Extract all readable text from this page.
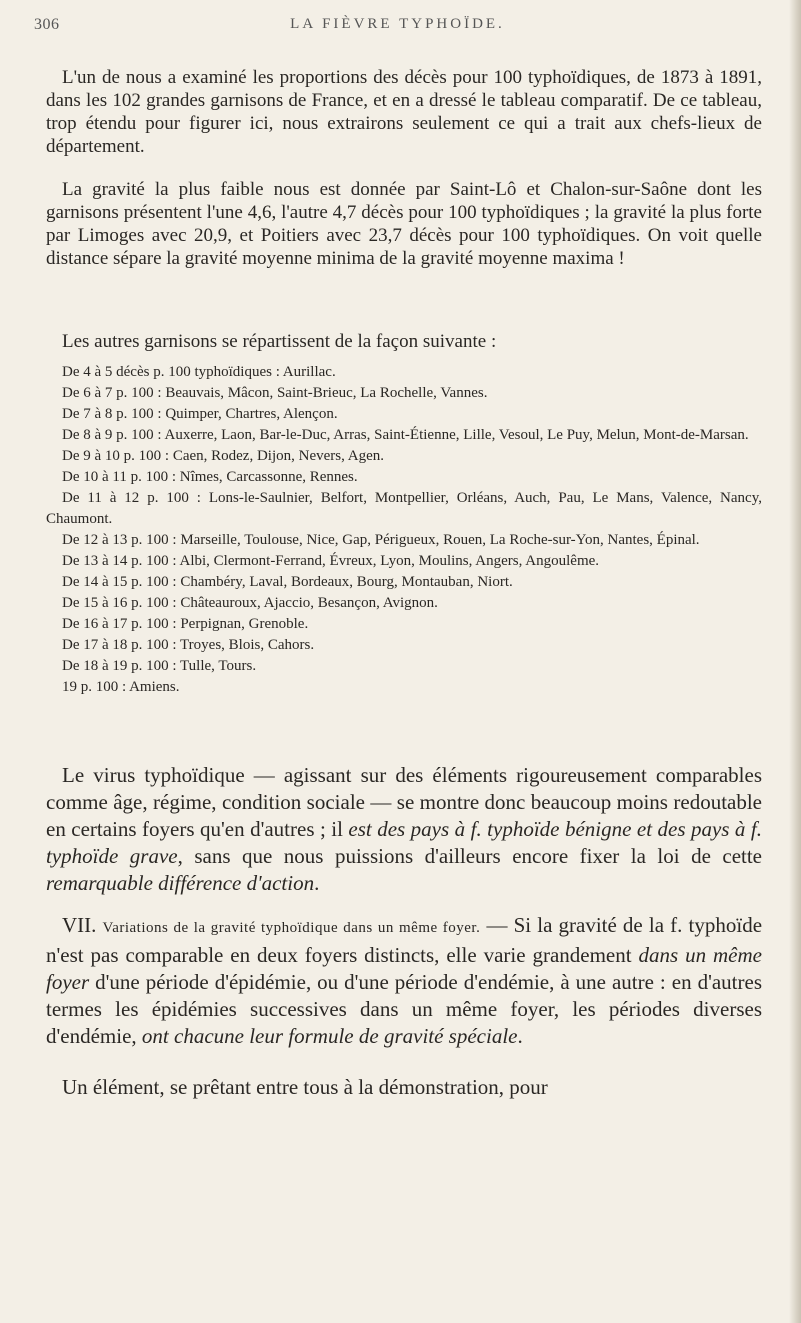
306	LA FIÈVRE TYPHOÏDE.

L'un de nous a examiné les proportions des décès pour 100 typhoïdiques, de 1873 à 1891, dans les 102 grandes garnisons de France, et en a dressé le tableau comparatif. De ce tableau, trop étendu pour figurer ici, nous extrairons seulement ce qui a trait aux chefs-lieux de département.

La gravité la plus faible nous est donnée par Saint-Lô et Chalon-sur-Saône dont les garnisons présentent l'une 4,6, l'autre 4,7 décès pour 100 typhoïdiques ; la gravité la plus forte par Limoges avec 20,9, et Poitiers avec 23,7 décès pour 100 typhoïdiques. On voit quelle distance sépare la gravité moyenne minima de la gravité moyenne maxima !

Les autres garnisons se répartissent de la façon suivante :

De 4 à 5 décès p. 100 typhoïdiques : Aurillac.
De 6 à 7 p. 100 : Beauvais, Mâcon, Saint-Brieuc, La Rochelle, Vannes.
De 7 à 8 p. 100 : Quimper, Chartres, Alençon.
De 8 à 9 p. 100 : Auxerre, Laon, Bar-le-Duc, Arras, Saint-Étienne, Lille, Vesoul, Le Puy, Melun, Mont-de-Marsan.
De 9 à 10 p. 100 : Caen, Rodez, Dijon, Nevers, Agen.
De 10 à 11 p. 100 : Nîmes, Carcassonne, Rennes.
De 11 à 12 p. 100 : Lons-le-Saulnier, Belfort, Montpellier, Orléans, Auch, Pau, Le Mans, Valence, Nancy, Chaumont.
De 12 à 13 p. 100 : Marseille, Toulouse, Nice, Gap, Périgueux, Rouen, La Roche-sur-Yon, Nantes, Épinal.
De 13 à 14 p. 100 : Albi, Clermont-Ferrand, Évreux, Lyon, Moulins, Angers, Angoulême.
De 14 à 15 p. 100 : Chambéry, Laval, Bordeaux, Bourg, Montauban, Niort.
De 15 à 16 p. 100 : Châteauroux, Ajaccio, Besançon, Avignon.
De 16 à 17 p. 100 : Perpignan, Grenoble.
De 17 à 18 p. 100 : Troyes, Blois, Cahors.
De 18 à 19 p. 100 : Tulle, Tours.
19 p. 100 : Amiens.

Le virus typhoïdique — agissant sur des éléments rigoureusement comparables comme âge, régime, condition sociale — se montre donc beaucoup moins redoutable en certains foyers qu'en d'autres ; il est des pays à f. typhoïde bénigne et des pays à f. typhoïde grave, sans que nous puissions d'ailleurs encore fixer la loi de cette remarquable différence d'action.

VII. Variations de la gravité typhoïdique dans un même foyer. — Si la gravité de la f. typhoïde n'est pas comparable en deux foyers distincts, elle varie grandement dans un même foyer d'une période d'épidémie, ou d'une période d'endémie, à une autre : en d'autres termes les épidémies successives dans un même foyer, les périodes diverses d'endémie, ont chacune leur formule de gravité spéciale.

Un élément, se prêtant entre tous à la démonstration, pour
